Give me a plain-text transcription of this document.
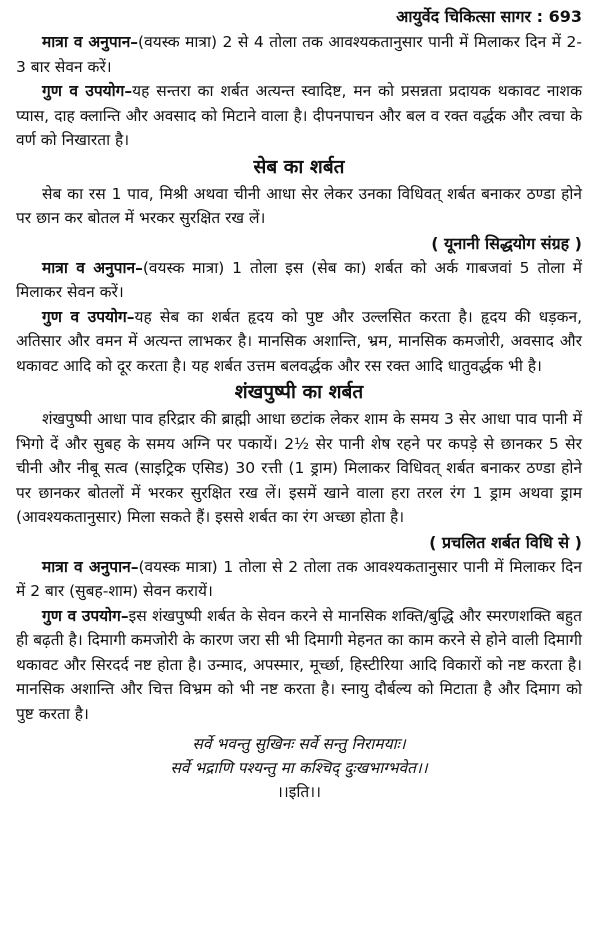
आयुर्वेद चिकित्सा सागर : 693

मात्रा व अनुपान–(वयस्क मात्रा) 2 से 4 तोला तक आवश्यकतानुसार पानी में मिलाकर दिन में 2-3 बार सेवन करें।

गुण व उपयोग–यह सन्तरा का शर्बत अत्यन्त स्वादिष्ट, मन को प्रसन्नता प्रदायक थकावट नाशक प्यास, दाह क्लान्ति और अवसाद को मिटाने वाला है। दीपनपाचन और बल व रक्त वर्द्धक और त्वचा के वर्ण को निखारता है।

सेब का शर्बत

सेब का रस 1 पाव, मिश्री अथवा चीनी आधा सेर लेकर उनका विधिवत् शर्बत बनाकर ठण्डा होने पर छान कर बोतल में भरकर सुरक्षित रख लें।

( यूनानी सिद्धयोग संग्रह )

मात्रा व अनुपान–(वयस्क मात्रा) 1 तोला इस (सेब का) शर्बत को अर्क गाबजवां 5 तोला में मिलाकर सेवन करें।

गुण व उपयोग–यह सेब का शर्बत हृदय को पुष्ट और उल्लसित करता है। हृदय की धड़कन, अतिसार और वमन में अत्यन्त लाभकर है। मानसिक अशान्ति, भ्रम, मानसिक कमजोरी, अवसाद और थकावट आदि को दूर करता है। यह शर्बत उत्तम बलवर्द्धक और रस रक्त आदि धातुवर्द्धक भी है।

शंखपुष्पी का शर्बत

शंखपुष्पी आधा पाव हरिद्रार की ब्राह्मी आधा छटांक लेकर शाम के समय 3 सेर आधा पाव पानी में भिगो दें और सुबह के समय अग्नि पर पकायें। 2½ सेर पानी शेष रहने पर कपड़े से छानकर 5 सेर चीनी और नीबू सत्व (साइट्रिक एसिड) 30 रत्ती (1 ड्राम) मिलाकर विधिवत् शर्बत बनाकर ठण्डा होने पर छानकर बोतलों में भरकर सुरक्षित रख लें। इसमें खाने वाला हरा तरल रंग 1 ड्राम अथवा ड्राम (आवश्यकतानुसार) मिला सकते हैं। इससे शर्बत का रंग अच्छा होता है।

( प्रचलित शर्बत विधि से )

मात्रा व अनुपान–(वयस्क मात्रा) 1 तोला से 2 तोला तक आवश्यकतानुसार पानी में मिलाकर दिन में 2 बार (सुबह-शाम) सेवन करायें।

गुण व उपयोग–इस शंखपुष्पी शर्बत के सेवन करने से मानसिक शक्ति/बुद्धि और स्मरणशक्ति बहुत ही बढ़ती है। दिमागी कमजोरी के कारण जरा सी भी दिमागी मेहनत का काम करने से होने वाली दिमागी थकावट और सिरदर्द नष्ट होता है। उन्माद, अपस्मार, मूर्च्छा, हिस्टीरिया आदि विकारों को नष्ट करता है। मानसिक अशान्ति और चित्त विभ्रम को भी नष्ट करता है। स्नायु दौर्बल्य को मिटाता है और दिमाग को पुष्ट करता है।

सर्वे भवन्तु सुखिनः सर्वे सन्तु निरामयाः।

सर्वे भद्राणि पश्यन्तु मा कश्चिद् दुःखभाग्भवेत।।

।।इति।।
